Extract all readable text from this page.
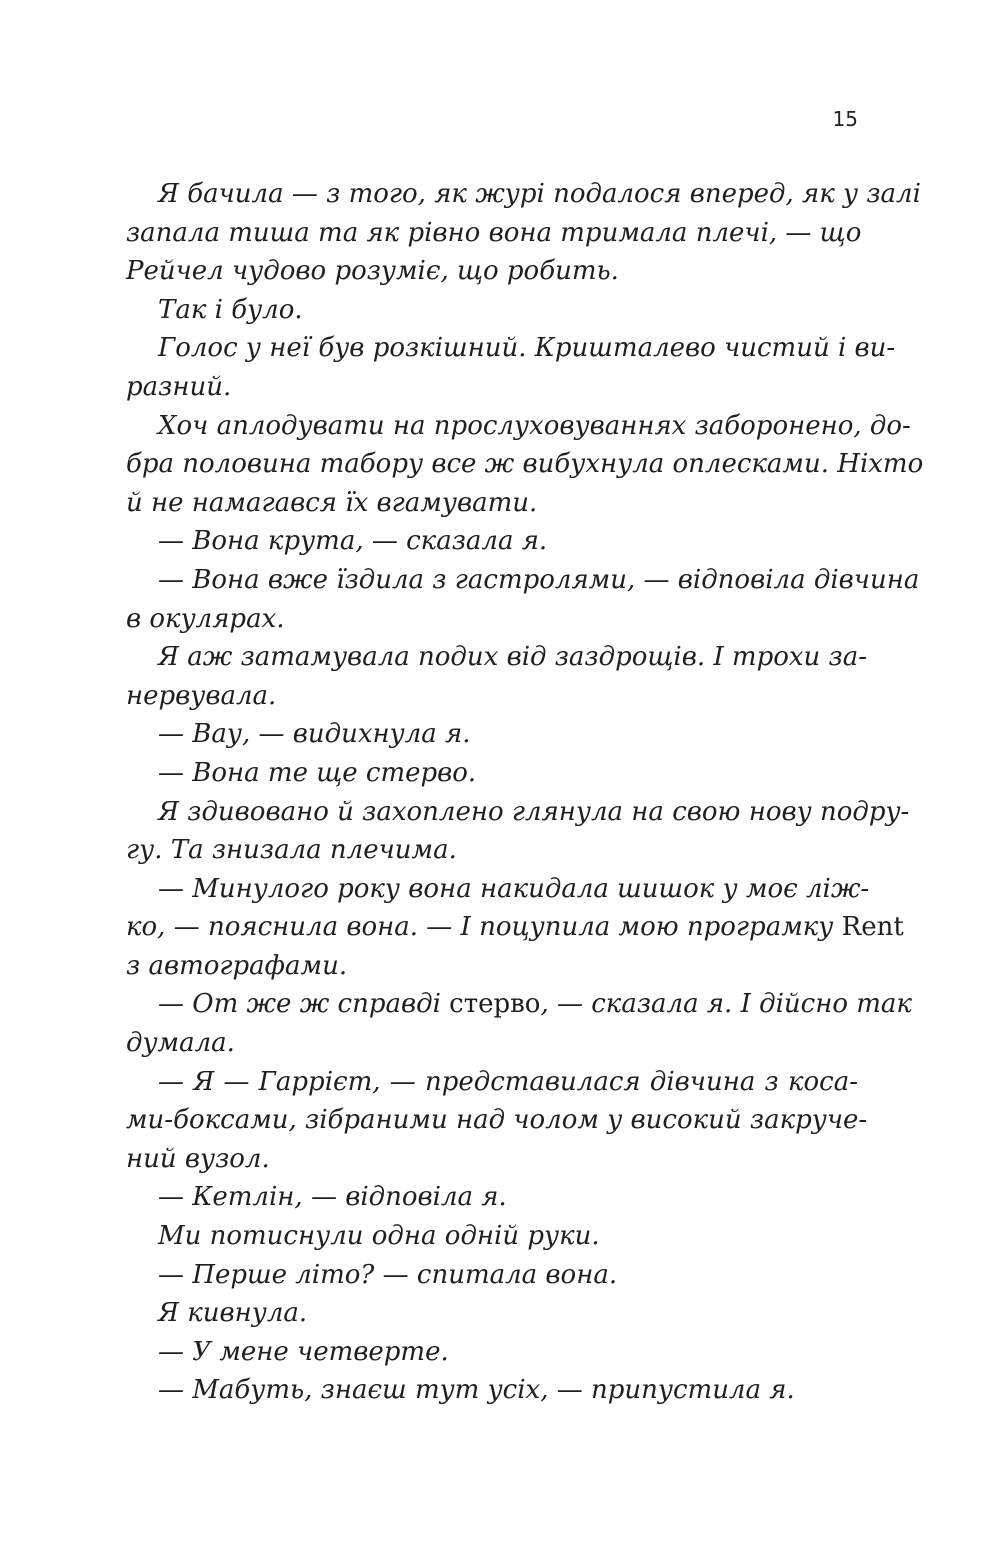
15
Я бачила — з того, як журі подалося вперед, як у залі
запала тиша та як рівно вона тримала плечі, — що
Рейчел чудово розуміє, що робить.
Так і було.
Голос у неї був розкішний. Кришталево чистий і ви-
разний.
Хоч аплодувати на прослуховуваннях заборонено, до-
бра половина табору все ж вибухнула оплесками. Ніхто
й не намагався їх вгамувати.
— Вона крута, — сказала я.
— Вона вже їздила з гастролями, — відповіла дівчина
в окулярах.
Я аж затамувала подих від заздрощів. І трохи за-
нервувала.
— Вау, — видихнула я.
— Вона те ще стерво.
Я здивовано й захоплено глянула на свою нову подру-
гу. Та знизала плечима.
— Минулого року вона накидала шишок у моє ліж-
ко, — пояснила вона. — І поцупила мою програмку Rent
з автографами.
— От же ж справді стерво, — сказала я. І дійсно так
думала.
— Я — Гаррієт, — представилася дівчина з коса-
ми-боксами, зібраними над чолом у високий закруче-
ний вузол.
— Кетлін, — відповіла я.
Ми потиснули одна одній руки.
— Перше літо? — спитала вона.
Я кивнула.
— У мене четверте.
— Мабуть, знаєш тут усіх, — припустила я.
